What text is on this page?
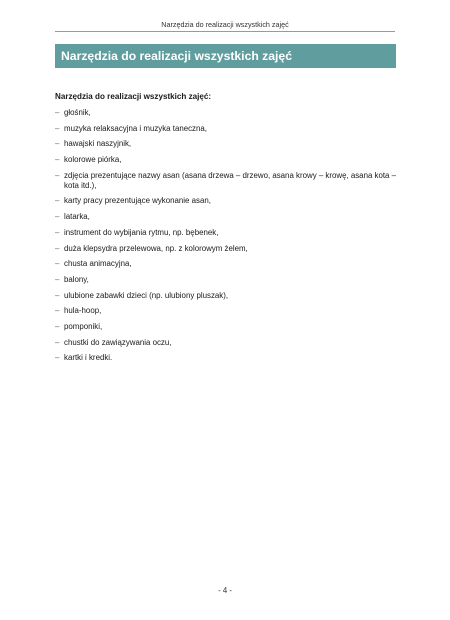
Narzędzia do realizacji wszystkich zajęć
Narzędzia do realizacji wszystkich zajęć
Narzędzia do realizacji wszystkich zajęć:
– głośnik,
– muzyka relaksacyjna i muzyka taneczna,
– hawajski naszyjnik,
– kolorowe piórka,
– zdjęcia prezentujące nazwy asan (asana drzewa – drzewo, asana krowy – krowę, asana kota – kota itd.),
– karty pracy prezentujące wykonanie asan,
– latarka,
– instrument do wybijania rytmu, np. bębenek,
– duża klepsydra przelewowa, np. z kolorowym żelem,
– chusta animacyjna,
– balony,
– ulubione zabawki dzieci (np. ulubiony pluszak),
– hula-hoop,
– pomponiki,
– chustki do zawiązywania oczu,
– kartki i kredki.
- 4 -
